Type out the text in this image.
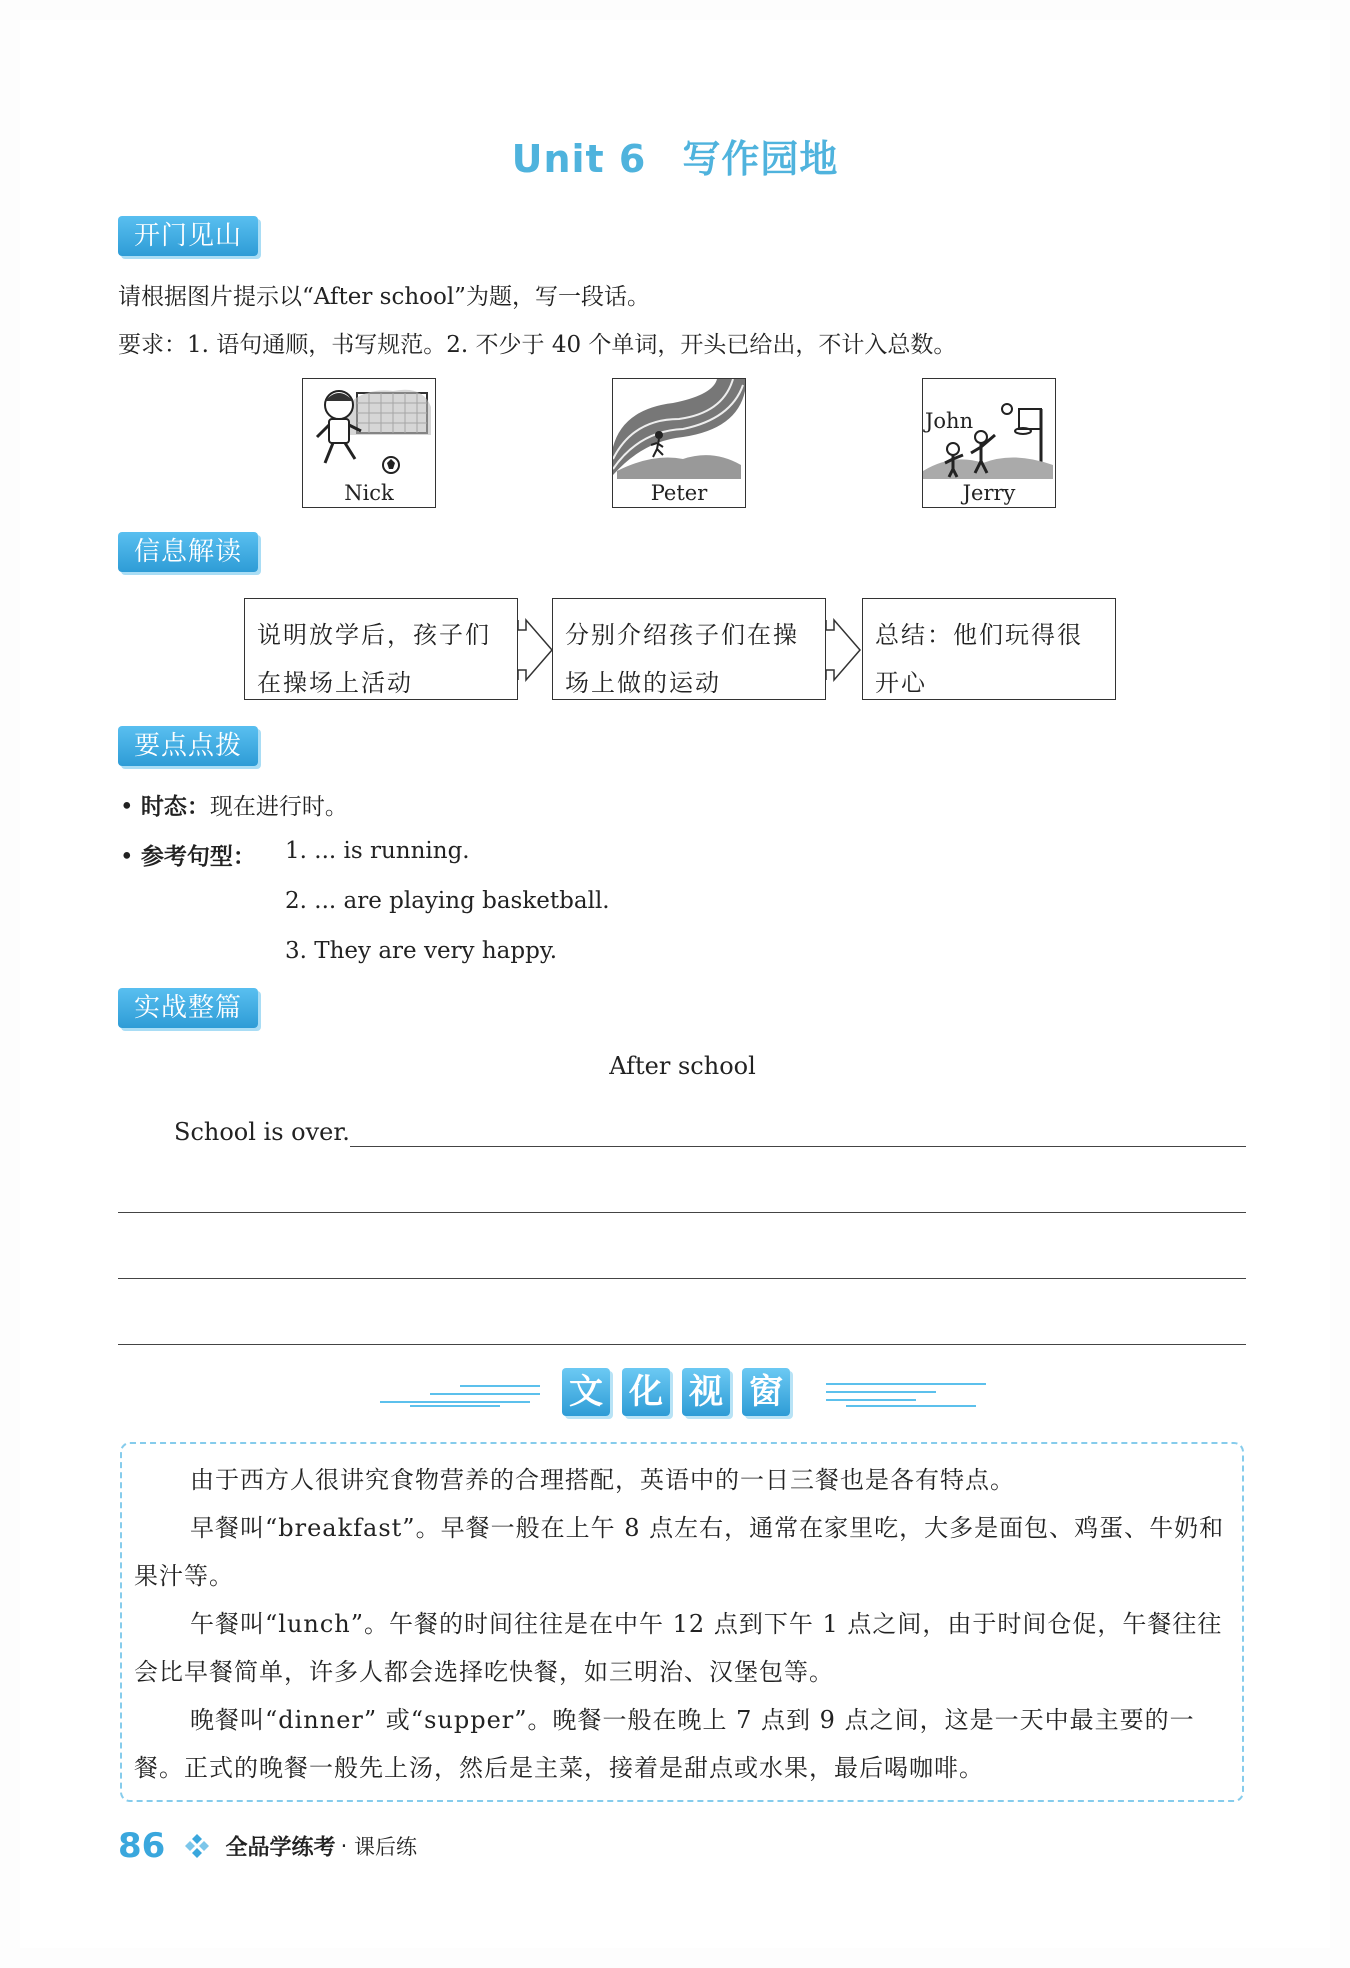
Unit 6 写作园地
开门见山
请根据图片提示以“After school”为题，写一段话。
要求：1. 语句通顺，书写规范。2. 不少于 40 个单词，开头已给出，不计入总数。
Nick	Peter
John
Jerry
信息解读
说明放学后，孩子们在操场上活动
分别介绍孩子们在操场上做的运动
总结：他们玩得很开心
要点点拨
• 时态：现在进行时。
• 参考句型： 1. ... is running.
2. ... are playing basketball.
3. They are very happy.
实战整篇
After school
School is over.
文 化 视 窗
由于西方人很讲究食物营养的合理搭配，英语中的一日三餐也是各有特点。
早餐叫“breakfast”。早餐一般在上午 8 点左右，通常在家里吃，大多是面包、鸡蛋、牛奶和果汁等。
午餐叫“lunch”。午餐的时间往往是在中午 12 点到下午 1 点之间，由于时间仓促，午餐往往会比早餐简单，许多人都会选择吃快餐，如三明治、汉堡包等。
晚餐叫“dinner” 或“supper”。晚餐一般在晚上 7 点到 9 点之间，这是一天中最主要的一餐。正式的晚餐一般先上汤，然后是主菜，接着是甜点或水果，最后喝咖啡。
86	全品学练考 · 课后练
